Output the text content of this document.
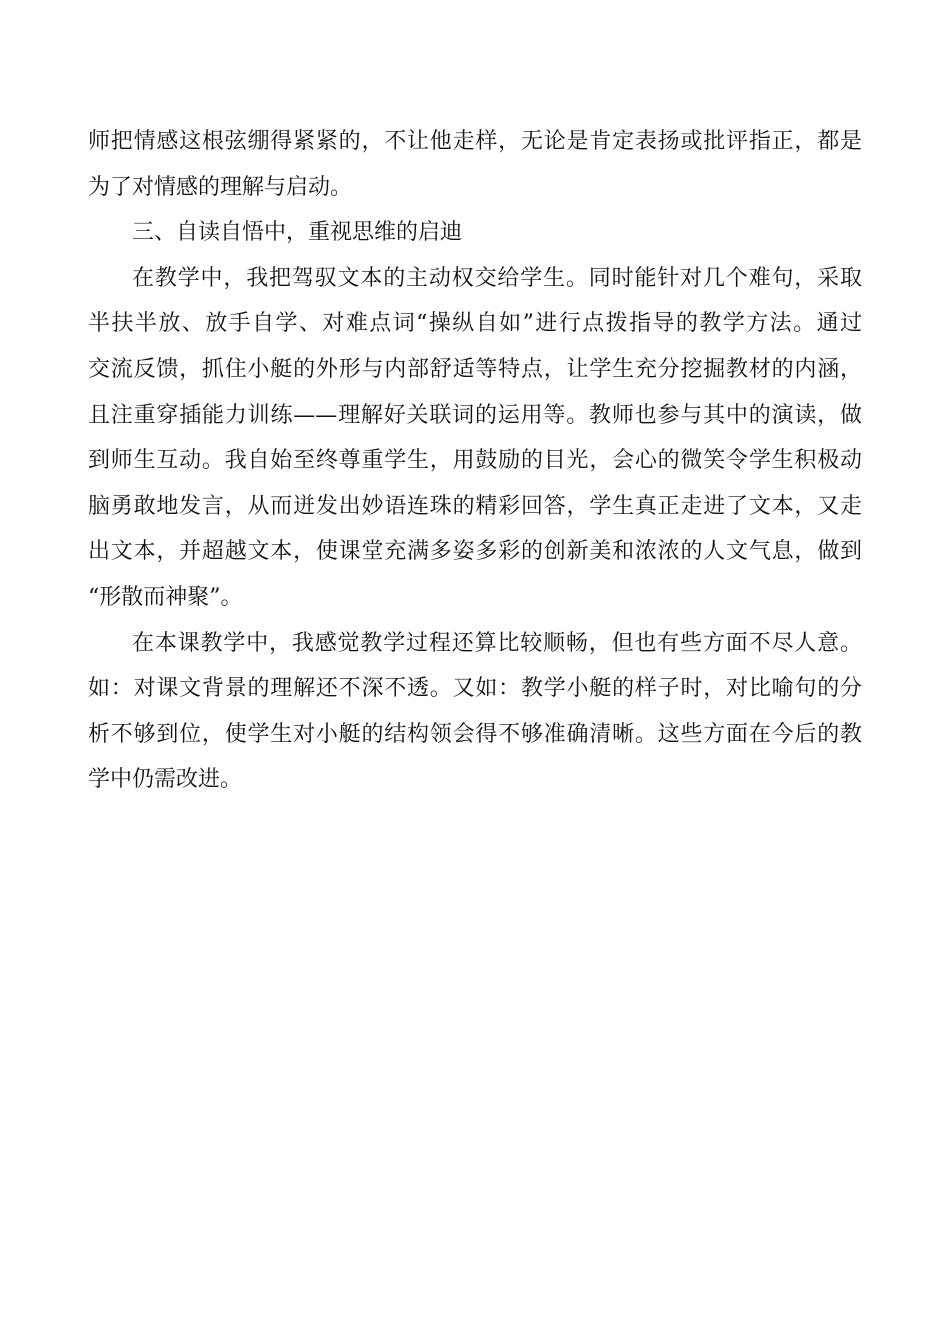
师把情感这根弦绷得紧紧的，不让他走样，无论是肯定表扬或批评指正，都是
为了对情感的理解与启动。
三、自读自悟中，重视思维的启迪
在教学中，我把驾驭文本的主动权交给学生。同时能针对几个难句，采取
半扶半放、放手自学、对难点词“操纵自如”进行点拨指导的教学方法。通过
交流反馈，抓住小艇的外形与内部舒适等特点，让学生充分挖掘教材的内涵，
且注重穿插能力训练——理解好关联词的运用等。教师也参与其中的演读，做
到师生互动。我自始至终尊重学生，用鼓励的目光，会心的微笑令学生积极动
脑勇敢地发言，从而迸发出妙语连珠的精彩回答，学生真正走进了文本，又走
出文本，并超越文本，使课堂充满多姿多彩的创新美和浓浓的人文气息，做到
“形散而神聚”。
在本课教学中，我感觉教学过程还算比较顺畅，但也有些方面不尽人意。
如：对课文背景的理解还不深不透。又如：教学小艇的样子时，对比喻句的分
析不够到位，使学生对小艇的结构领会得不够准确清晰。这些方面在今后的教
学中仍需改进。
